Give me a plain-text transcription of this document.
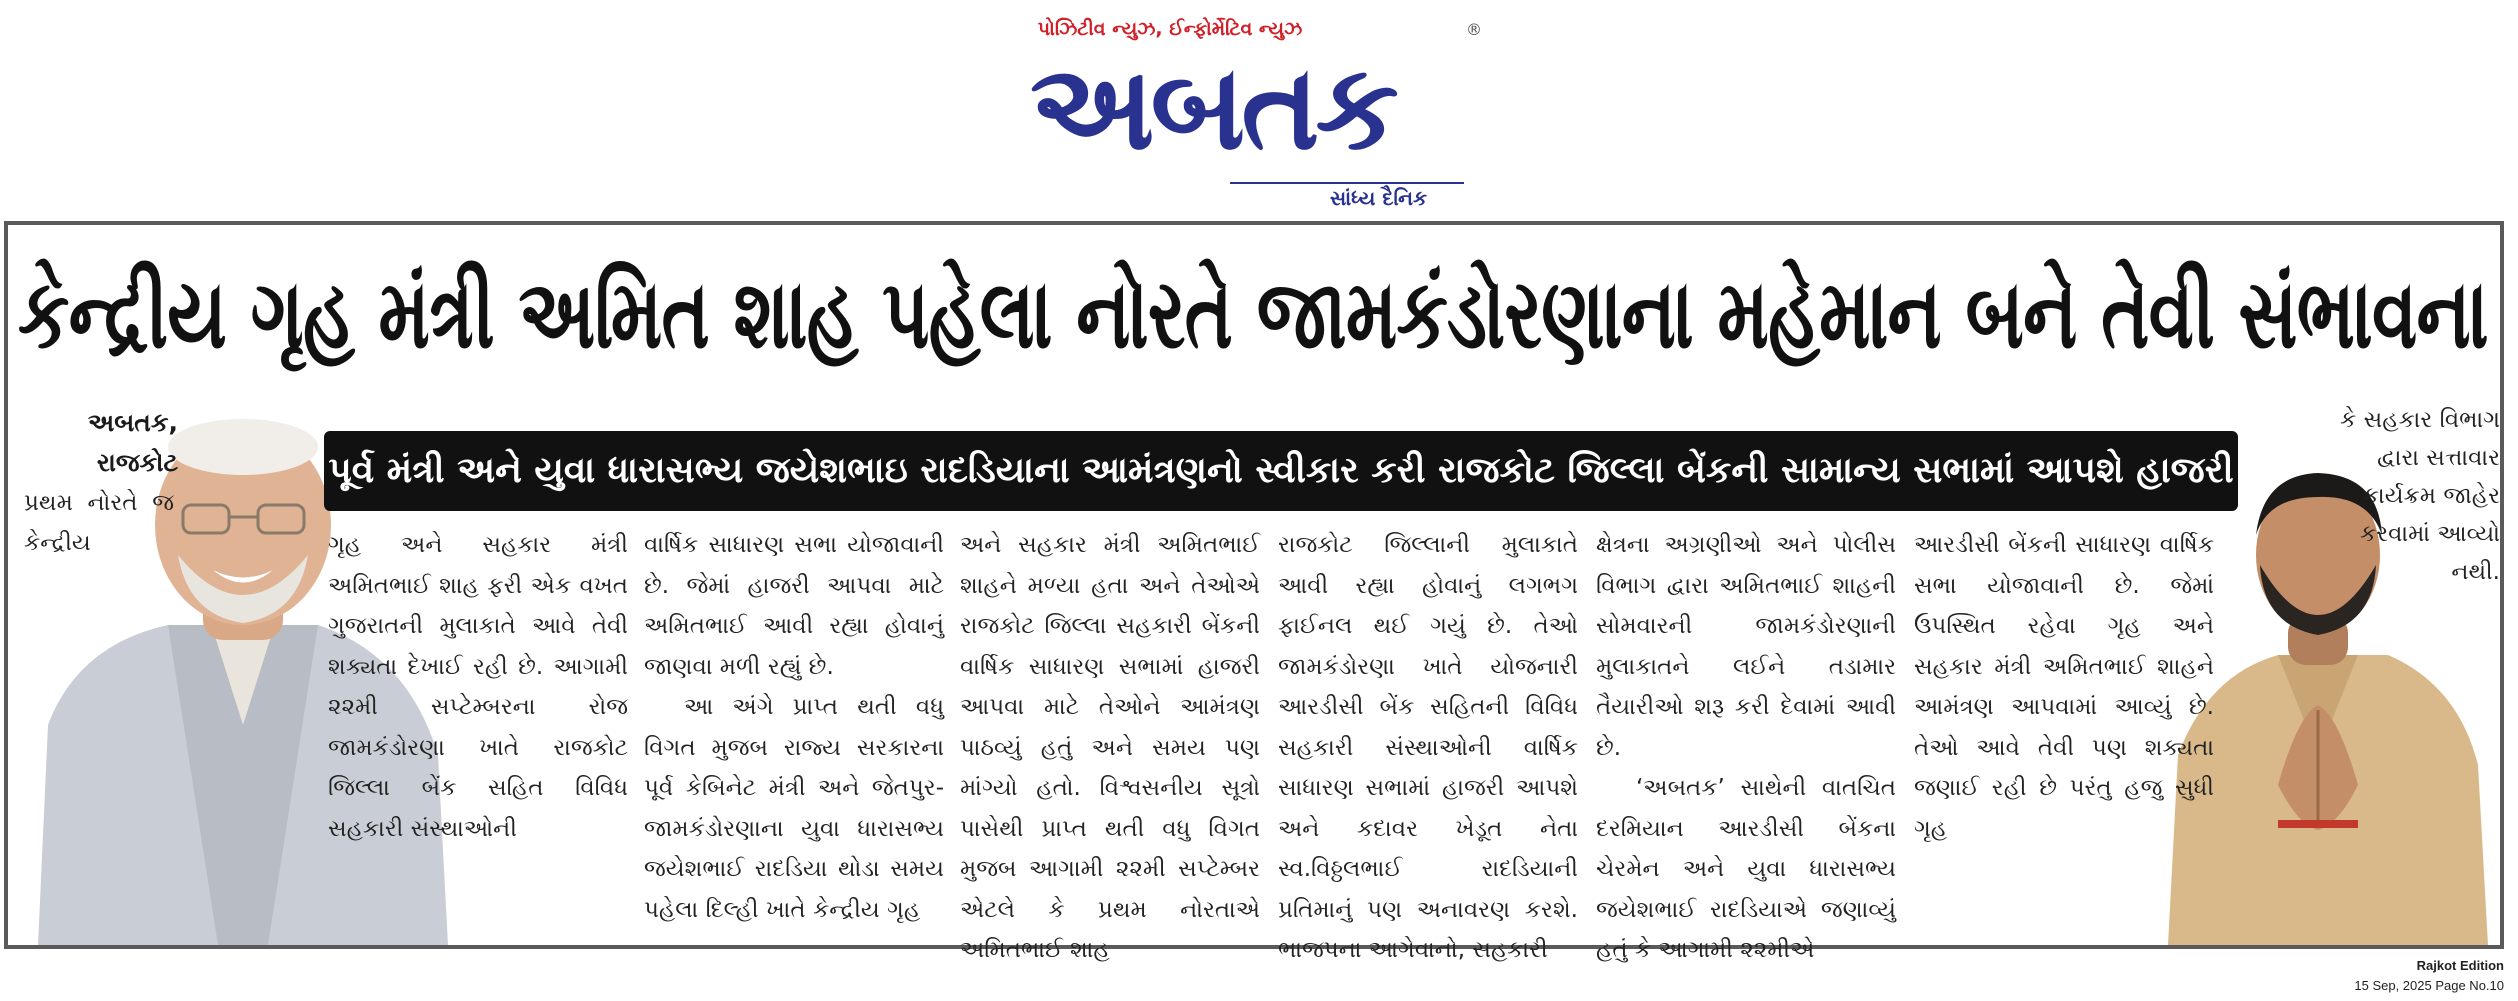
પોઝિટીવ ન્યુઝ, ઈન્ફોર્મેટિવ ન્યુઝ	®
અબતક
સાંધ્ય દૈનિક
કેન્દ્રીય ગૃહ મંત્રી અમિત શાહ પહેલા નોરતે જામકંડોરણાના મહેમાન બને તેવી સંભાવના
અબતક,
રાજકોટ
પ્રથમ નોરતે જ કેન્દ્રીય
પૂર્વ મંત્રી અને યુવા ધારાસભ્ય જયેશભાઇ રાદડિયાના આમંત્રણનો સ્વીકાર કરી રાજકોટ જિલ્લા બેંકની સામાન્ય સભામાં આપશે હાજરી
કે સહકાર વિભાગ દ્વારા સત્તાવાર કાર્યક્રમ જાહેર કરવામાં આવ્યો નથી.

ગૃહ અને સહકાર મંત્રી અમિતભાઈ શાહ ફરી એક વખત ગુજરાતની મુલાકાતે આવે તેવી શક્યતા દેખાઈ રહી છે. આગામી ૨૨મી સપ્ટેમ્બરના રોજ જામકંડોરણા ખાતે રાજકોટ જિલ્લા બેંક સહિત વિવિધ સહકારી સંસ્થાઓની

વાર્ષિક સાધારણ સભા યોજાવાની છે. જેમાં હાજરી આપવા માટે અમિતભાઈ આવી રહ્યા હોવાનું જાણવા મળી રહ્યું છે.

આ અંગે પ્રાપ્ત થતી વધુ વિગત મુજબ રાજ્ય સરકારના પૂર્વ કેબિનેટ મંત્રી અને જેતપુર-જામકંડોરણાના યુવા ધારાસભ્ય જયેશભાઈ રાદડિયા થોડા સમય પહેલા દિલ્હી ખાતે કેન્દ્રીય ગૃહ

અને સહકાર મંત્રી અમિતભાઈ શાહને મળ્યા હતા અને તેઓએ રાજકોટ જિલ્લા સહકારી બેંકની વાર્ષિક સાધારણ સભામાં હાજરી આપવા માટે તેઓને આમંત્રણ પાઠવ્યું હતું અને સમય પણ માંગ્યો હતો. વિશ્વસનીય સૂત્રો પાસેથી પ્રાપ્ત થતી વધુ વિગત મુજબ આગામી ૨૨મી સપ્ટેમ્બર એટલે કે પ્રથમ નોરતાએ અમિતભાઈ શાહ

રાજકોટ જિલ્લાની મુલાકાતે આવી રહ્યા હોવાનું લગભગ ફાઈનલ થઈ ગયું છે. તેઓ જામકંડોરણા ખાતે યોજનારી આરડીસી બેંક સહિતની વિવિધ સહકારી સંસ્થાઓની વાર્ષિક સાધારણ સભામાં હાજરી આપશે અને કદાવર ખેડૂત નેતા સ્વ.વિઠ્ઠલભાઈ રાદડિયાની પ્રતિમાનું પણ અનાવરણ કરશે. ભાજપના આગેવાનો, સહકારી

ક્ષેત્રના અગ્રણીઓ અને પોલીસ વિભાગ દ્વારા અમિતભાઈ શાહની સોમવારની જામકંડોરણાની મુલાકાતને લઈને તડામાર તૈયારીઓ શરૂ કરી દેવામાં આવી છે.

‘અબતક’ સાથેની વાતચિત દરમિયાન આરડીસી બેંકના ચેરમેન અને યુવા ધારાસભ્ય જયેશભાઈ રાદડિયાએ જણાવ્યું હતું કે આગામી ૨૨મીએ

આરડીસી બેંકની સાધારણ વાર્ષિક સભા યોજાવાની છે. જેમાં ઉપસ્થિત રહેવા ગૃહ અને સહકાર મંત્રી અમિતભાઈ શાહને આમંત્રણ આપવામાં આવ્યું છે. તેઓ આવે તેવી પણ શક્યતા જણાઈ રહી છે પરંતુ હજુ સુધી ગૃહ

Rajkot Edition
15 Sep, 2025 Page No.10
